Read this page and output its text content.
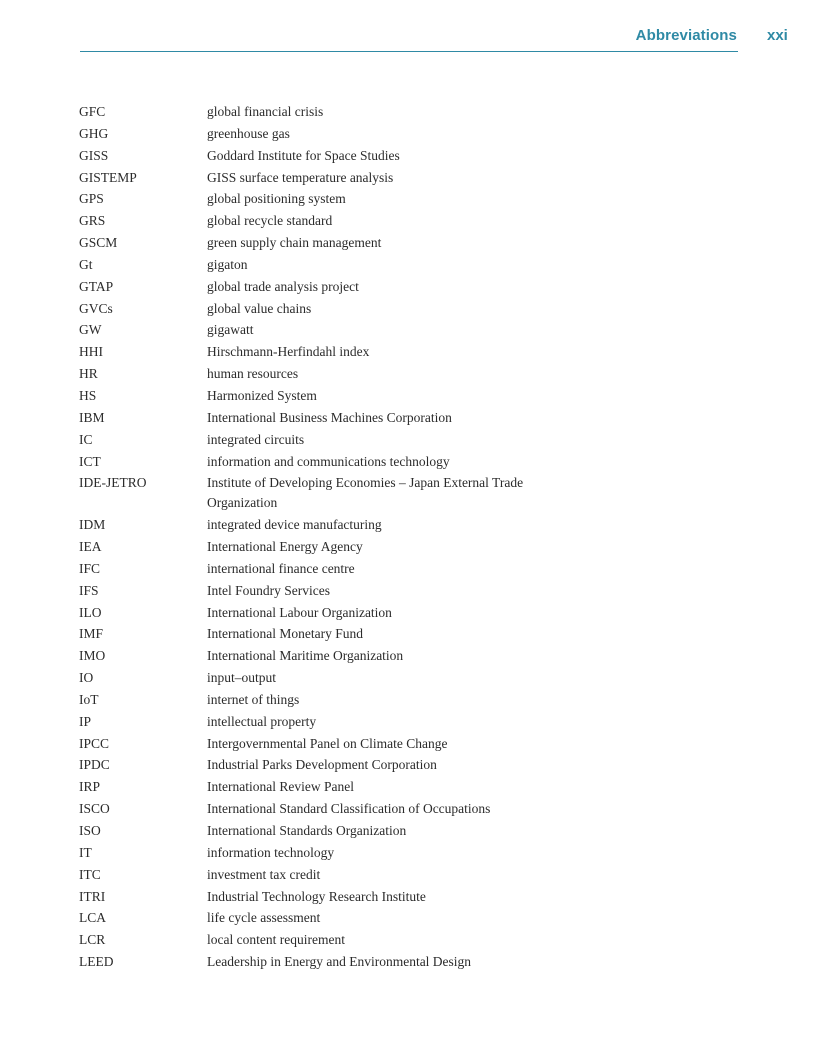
Abbreviations xxi
GFC	global financial crisis
GHG	greenhouse gas
GISS	Goddard Institute for Space Studies
GISTEMP	GISS surface temperature analysis
GPS	global positioning system
GRS	global recycle standard
GSCM	green supply chain management
Gt	gigaton
GTAP	global trade analysis project
GVCs	global value chains
GW	gigawatt
HHI	Hirschmann-Herfindahl index
HR	human resources
HS	Harmonized System
IBM	International Business Machines Corporation
IC	integrated circuits
ICT	information and communications technology
IDE-JETRO	Institute of Developing Economies – Japan External Trade Organization
IDM	integrated device manufacturing
IEA	International Energy Agency
IFC	international finance centre
IFS	Intel Foundry Services
ILO	International Labour Organization
IMF	International Monetary Fund
IMO	International Maritime Organization
IO	input–output
IoT	internet of things
IP	intellectual property
IPCC	Intergovernmental Panel on Climate Change
IPDC	Industrial Parks Development Corporation
IRP	International Review Panel
ISCO	International Standard Classification of Occupations
ISO	International Standards Organization
IT	information technology
ITC	investment tax credit
ITRI	Industrial Technology Research Institute
LCA	life cycle assessment
LCR	local content requirement
LEED	Leadership in Energy and Environmental Design
